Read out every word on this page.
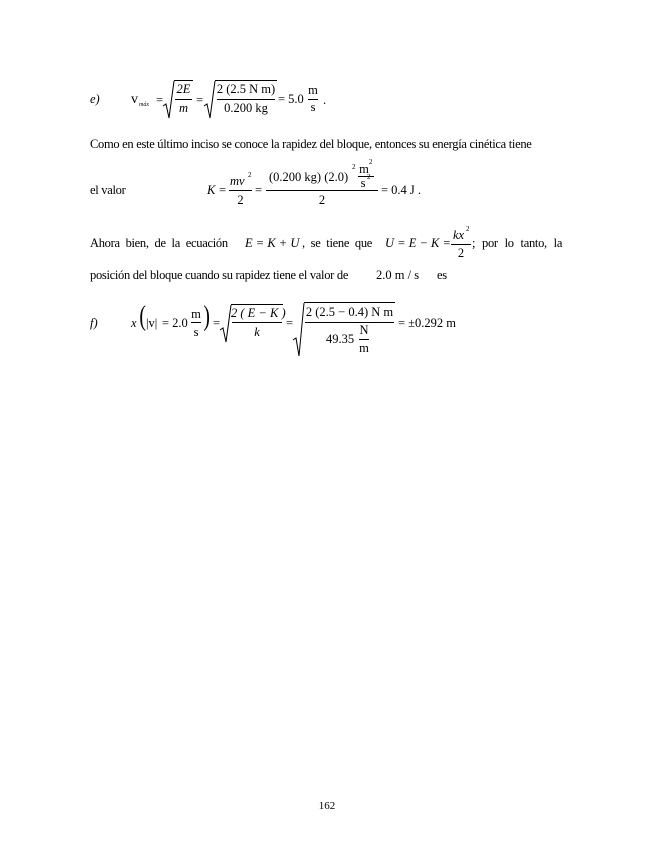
e) v máx =
2E
m
=
2 (2.5 N m)
0.200 kg
= 5.0
m
s .
Como en este último inciso se conoce la rapidez del bloque, entonces su energía cinética tiene
el valor	K =
mv 2
2
=
(0.200 kg) (2.0)
2 m 2
s 2
2
= 0.4 J .
Ahora bien, de la ecuación E = K + U , se tiene que U = E − K =
kx 2
2
; por lo tanto, la
posición del bloque cuando su rapidez tiene el valor de 2.0 m / s es
f)	x ( |v| = 2.0
m
s ) =
2 ( E − K )
k
=
2 (2.5 − 0.4) N m
49.35
N
m
= ±0.292 m
162
